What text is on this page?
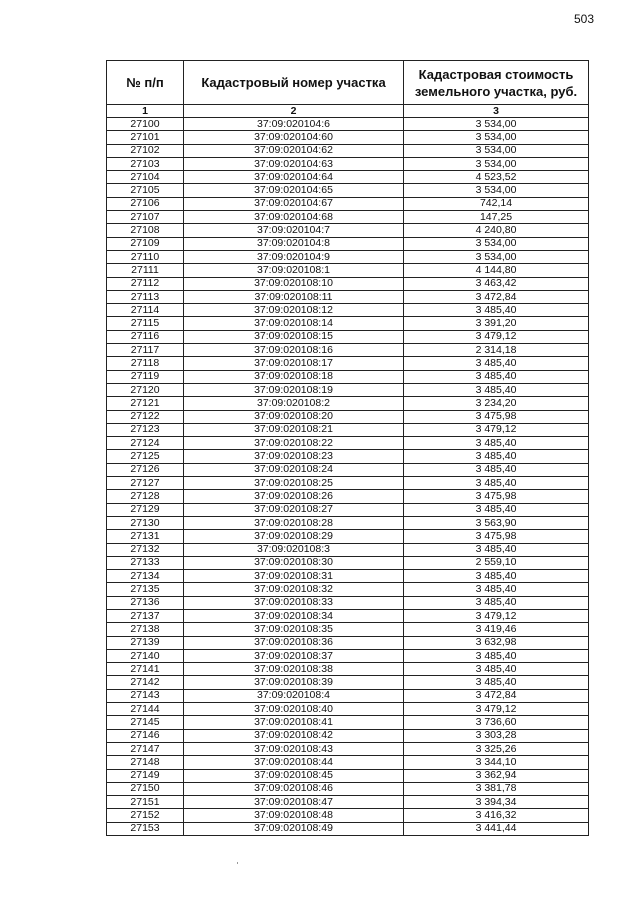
503
№ п/п	Кадастровый номер участка	Кадастровая стоимость земельного участка, руб.
1	2	3
27100	37:09:020104:6	3 534,00
27101	37:09:020104:60	3 534,00
27102	37:09:020104:62	3 534,00
27103	37:09:020104:63	3 534,00
27104	37:09:020104:64	4 523,52
27105	37:09:020104:65	3 534,00
27106	37:09:020104:67	742,14
27107	37:09:020104:68	147,25
27108	37:09:020104:7	4 240,80
27109	37:09:020104:8	3 534,00
27110	37:09:020104:9	3 534,00
27111	37:09:020108:1	4 144,80
27112	37:09:020108:10	3 463,42
27113	37:09:020108:11	3 472,84
27114	37:09:020108:12	3 485,40
27115	37:09:020108:14	3 391,20
27116	37:09:020108:15	3 479,12
27117	37:09:020108:16	2 314,18
27118	37:09:020108:17	3 485,40
27119	37:09:020108:18	3 485,40
27120	37:09:020108:19	3 485,40
27121	37:09:020108:2	3 234,20
27122	37:09:020108:20	3 475,98
27123	37:09:020108:21	3 479,12
27124	37:09:020108:22	3 485,40
27125	37:09:020108:23	3 485,40
27126	37:09:020108:24	3 485,40
27127	37:09:020108:25	3 485,40
27128	37:09:020108:26	3 475,98
27129	37:09:020108:27	3 485,40
27130	37:09:020108:28	3 563,90
27131	37:09:020108:29	3 475,98
27132	37:09:020108:3	3 485,40
27133	37:09:020108:30	2 559,10
27134	37:09:020108:31	3 485,40
27135	37:09:020108:32	3 485,40
27136	37:09:020108:33	3 485,40
27137	37:09:020108:34	3 479,12
27138	37:09:020108:35	3 419,46
27139	37:09:020108:36	3 632,98
27140	37:09:020108:37	3 485,40
27141	37:09:020108:38	3 485,40
27142	37:09:020108:39	3 485,40
27143	37:09:020108:4	3 472,84
27144	37:09:020108:40	3 479,12
27145	37:09:020108:41	3 736,60
27146	37:09:020108:42	3 303,28
27147	37:09:020108:43	3 325,26
27148	37:09:020108:44	3 344,10
27149	37:09:020108:45	3 362,94
27150	37:09:020108:46	3 381,78
27151	37:09:020108:47	3 394,34
27152	37:09:020108:48	3 416,32
27153	37:09:020108:49	3 441,44
